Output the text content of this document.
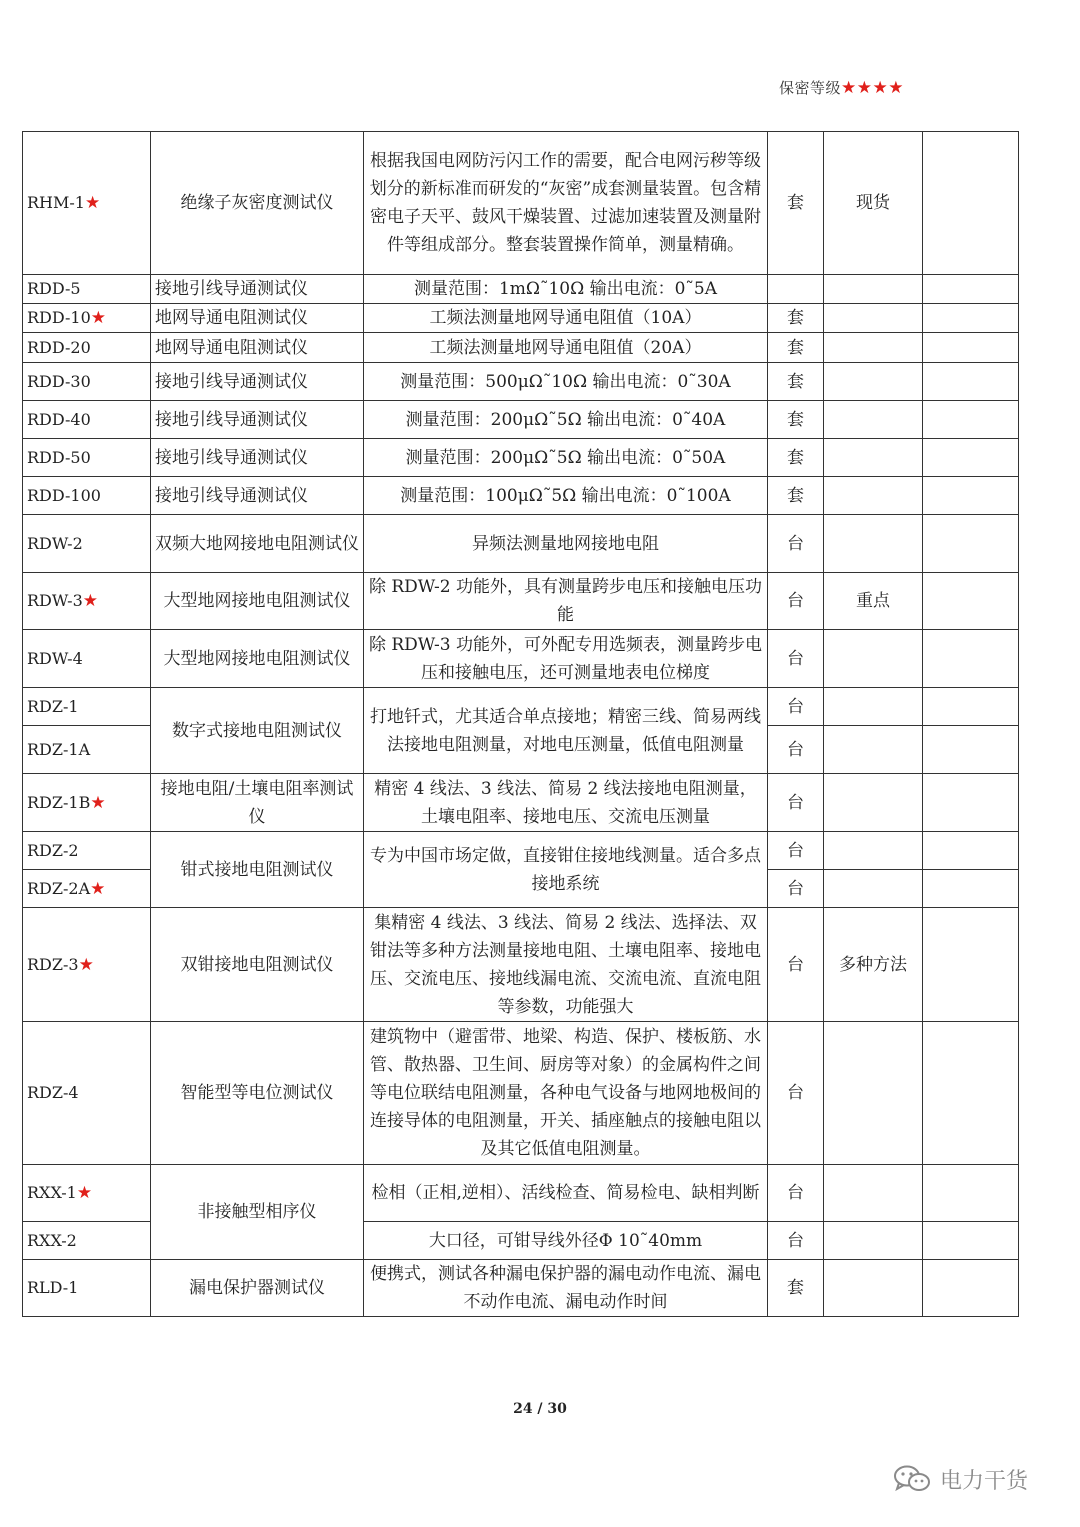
保密等级★★★★
RHM-1★	绝缘子灰密度测试仪	根据我国电网防污闪工作的需要，配合电网污秽等级划分的新标准而研发的“灰密”成套测量装置。包含精密电子天平、鼓风干燥装置、过滤加速装置及测量附件等组成部分。整套装置操作简单，测量精确。	套	现货	
RDD-5	接地引线导通测试仪	测量范围：1mΩ˜10Ω 输出电流：0˜5A			
RDD-10★	地网导通电阻测试仪	工频法测量地网导通电阻值（10A）	套		
RDD-20	地网导通电阻测试仪	工频法测量地网导通电阻值（20A）	套		
RDD-30	接地引线导通测试仪	测量范围：500μΩ˜10Ω 输出电流：0˜30A	套		
RDD-40	接地引线导通测试仪	测量范围：200μΩ˜5Ω 输出电流：0˜40A	套		
RDD-50	接地引线导通测试仪	测量范围：200μΩ˜5Ω 输出电流：0˜50A	套		
RDD-100	接地引线导通测试仪	测量范围：100μΩ˜5Ω 输出电流：0˜100A	套		
RDW-2	双频大地网接地电阻测试仪	异频法测量地网接地电阻	台		
RDW-3★	大型地网接地电阻测试仪	除 RDW-2 功能外，具有测量跨步电压和接触电压功能	台	重点	
RDW-4	大型地网接地电阻测试仪	除 RDW-3 功能外，可外配专用选频表，测量跨步电压和接触电压，还可测量地表电位梯度	台		
RDZ-1	数字式接地电阻测试仪	打地钎式，尤其适合单点接地；精密三线、简易两线法接地电阻测量，对地电压测量，低值电阻测量	台		
RDZ-1A			台		
RDZ-1B★	接地电阻/土壤电阻率测试仪	精密 4 线法、3 线法、简易 2 线法接地电阻测量，土壤电阻率、接地电压、交流电压测量	台		
RDZ-2	钳式接地电阻测试仪	专为中国市场定做，直接钳住接地线测量。适合多点接地系统	台		
RDZ-2A★			台		
RDZ-3★	双钳接地电阻测试仪	集精密 4 线法、3 线法、简易 2 线法、选择法、双钳法等多种方法测量接地电阻、土壤电阻率、接地电压、交流电压、接地线漏电流、交流电流、直流电阻等参数，功能强大	台	多种方法	
RDZ-4	智能型等电位测试仪	建筑物中（避雷带、地梁、构造、保护、楼板筋、水管、散热器、卫生间、厨房等对象）的金属构件之间等电位联结电阻测量，各种电气设备与地网地极间的连接导体的电阻测量，开关、插座触点的接触电阻以及其它低值电阻测量。	台		
RXX-1★	非接触型相序仪	检相（正相,逆相）、活线检查、简易检电、缺相判断	台		
RXX-2		大口径，可钳导线外径Φ 10˜40mm	台		
RLD-1	漏电保护器测试仪	便携式，测试各种漏电保护器的漏电动作电流、漏电不动作电流、漏电动作时间	套		
24 / 30
电力干货
